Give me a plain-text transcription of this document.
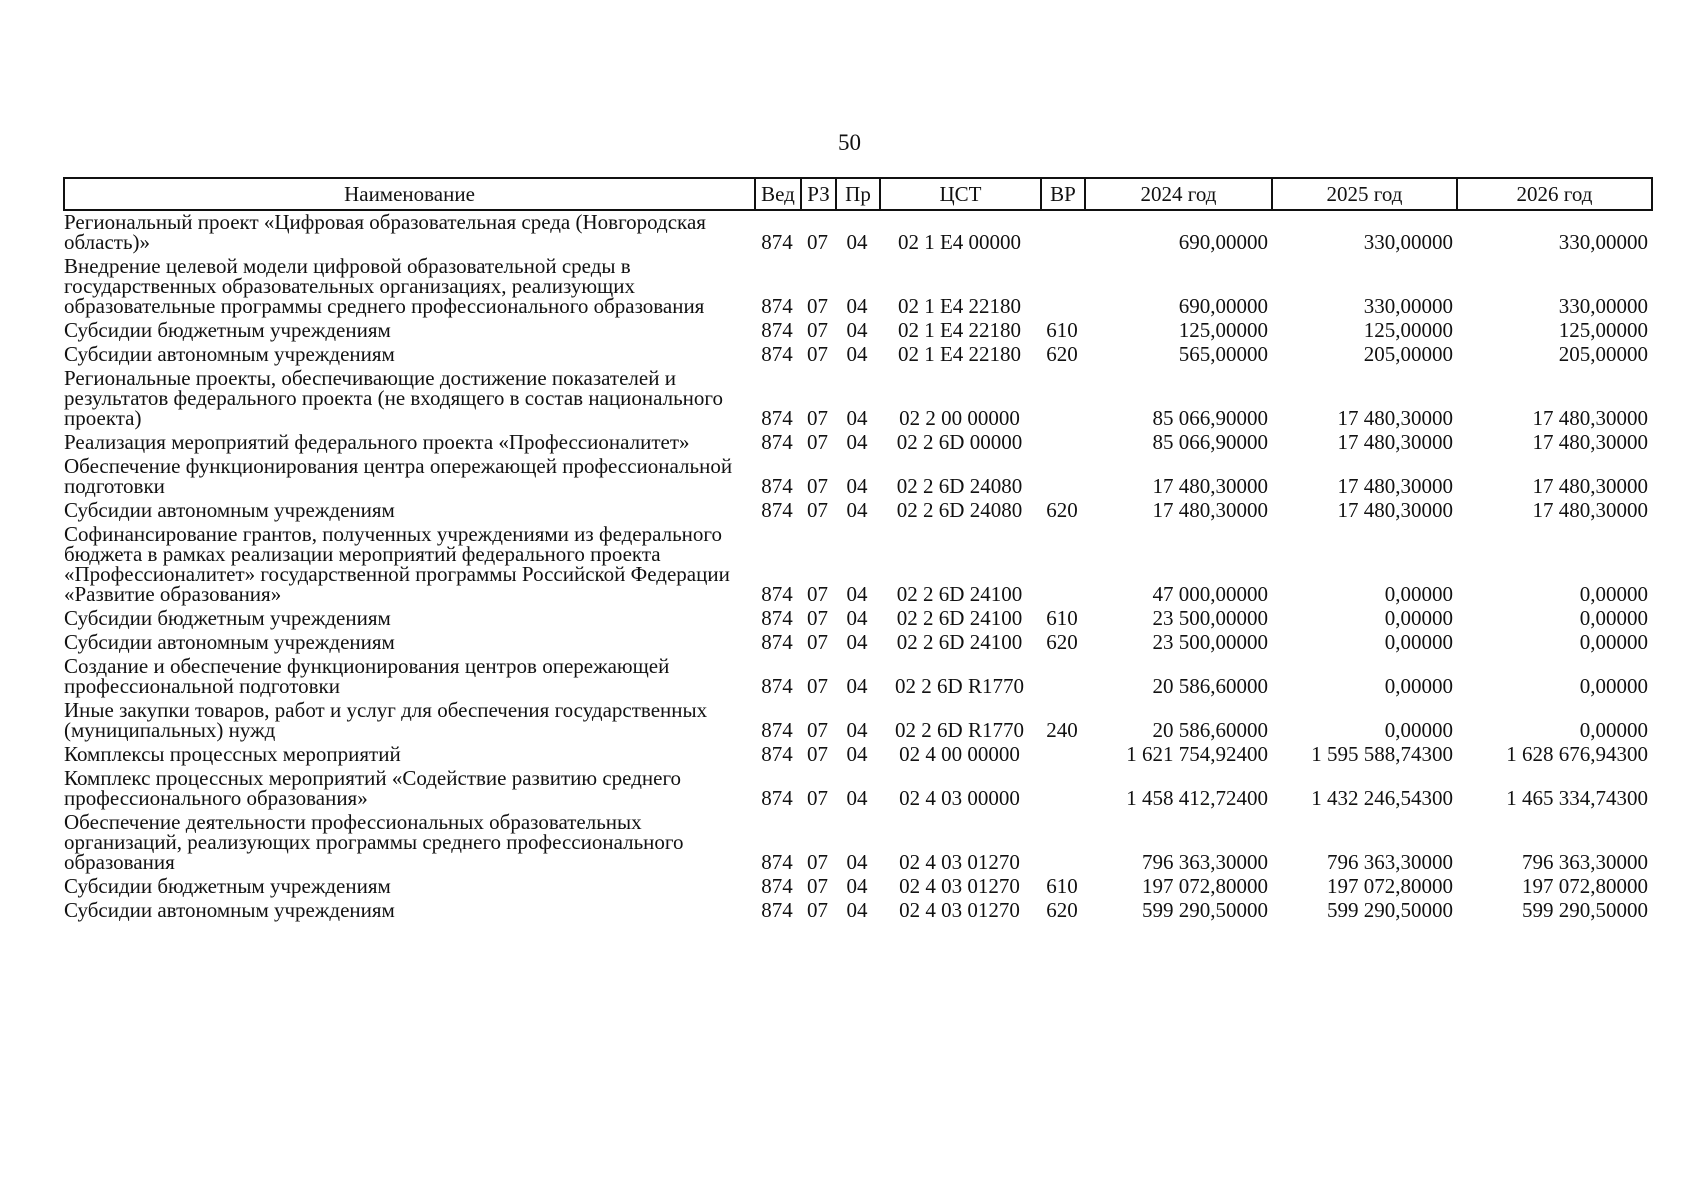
50
Наименование	Вед	РЗ	Пр	ЦСТ	ВР	2024 год	2025 год	2026 год
Региональный проект «Цифровая образовательная среда (Новгородская область)»	874	07	04	02 1 Е4 00000		690,00000	330,00000	330,00000
Внедрение целевой модели цифровой образовательной среды в государственных образовательных организациях, реализующих образовательные программы среднего профессионального образования	874	07	04	02 1 Е4 22180		690,00000	330,00000	330,00000
Субсидии бюджетным учреждениям	874	07	04	02 1 Е4 22180	610	125,00000	125,00000	125,00000
Субсидии автономным учреждениям	874	07	04	02 1 Е4 22180	620	565,00000	205,00000	205,00000
Региональные проекты, обеспечивающие достижение показателей и результатов федерального проекта (не входящего в состав национального проекта)	874	07	04	02 2 00 00000		85 066,90000	17 480,30000	17 480,30000
Реализация мероприятий федерального проекта «Профессионалитет»	874	07	04	02 2 6D 00000		85 066,90000	17 480,30000	17 480,30000
Обеспечение функционирования центра опережающей профессиональной подготовки	874	07	04	02 2 6D 24080		17 480,30000	17 480,30000	17 480,30000
Субсидии автономным учреждениям	874	07	04	02 2 6D 24080	620	17 480,30000	17 480,30000	17 480,30000
Софинансирование грантов, полученных учреждениями из федерального бюджета в рамках реализации мероприятий федерального проекта «Профессионалитет» государственной программы Российской Федерации «Развитие образования»	874	07	04	02 2 6D 24100		47 000,00000	0,00000	0,00000
Субсидии бюджетным учреждениям	874	07	04	02 2 6D 24100	610	23 500,00000	0,00000	0,00000
Субсидии автономным учреждениям	874	07	04	02 2 6D 24100	620	23 500,00000	0,00000	0,00000
Создание и обеспечение функционирования центров опережающей профессиональной подготовки	874	07	04	02 2 6D R1770		20 586,60000	0,00000	0,00000
Иные закупки товаров, работ и услуг для обеспечения государственных (муниципальных) нужд	874	07	04	02 2 6D R1770	240	20 586,60000	0,00000	0,00000
Комплексы процессных мероприятий	874	07	04	02 4 00 00000		1 621 754,92400	1 595 588,74300	1 628 676,94300
Комплекс процессных мероприятий «Содействие развитию среднего профессионального образования»	874	07	04	02 4 03 00000		1 458 412,72400	1 432 246,54300	1 465 334,74300
Обеспечение деятельности профессиональных образовательных организаций, реализующих программы среднего профессионального образования	874	07	04	02 4 03 01270		796 363,30000	796 363,30000	796 363,30000
Субсидии бюджетным учреждениям	874	07	04	02 4 03 01270	610	197 072,80000	197 072,80000	197 072,80000
Субсидии автономным учреждениям	874	07	04	02 4 03 01270	620	599 290,50000	599 290,50000	599 290,50000
